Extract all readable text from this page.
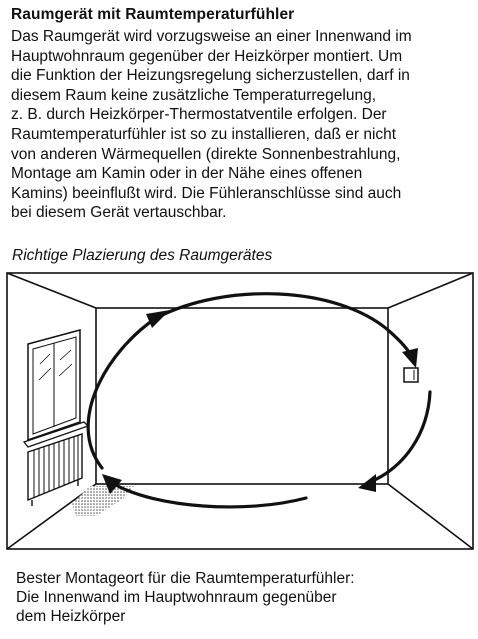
Raumgerät mit Raumtemperaturfühler
Das Raumgerät wird vorzugsweise an einer Innenwand im
Hauptwohnraum gegenüber der Heizkörper montiert. Um
die Funktion der Heizungsregelung sicherzustellen, darf in
diesem Raum keine zusätzliche Temperaturregelung,
z. B. durch Heizkörper-Thermostatventile erfolgen. Der
Raumtemperaturfühler ist so zu installieren, daß er nicht
von anderen Wärmequellen (direkte Sonnenbestrahlung,
Montage am Kamin oder in der Nähe eines offenen
Kamins) beeinflußt wird. Die Fühleranschlüsse sind auch
bei diesem Gerät vertauschbar.

Richtige Plazierung des Raumgerätes

Bester Montageort für die Raumtemperaturfühler:
Die Innenwand im Hauptwohnraum gegenüber
dem Heizkörper
